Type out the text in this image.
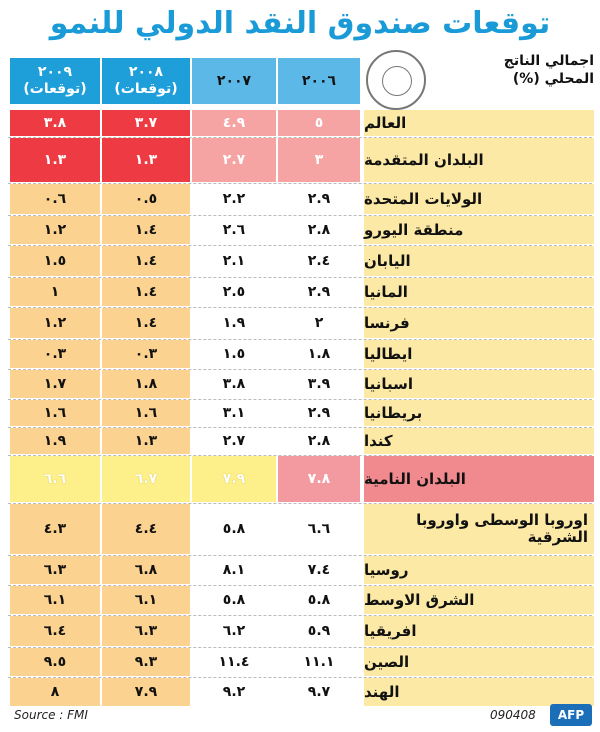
توقعات صندوق النقد الدولي للنمو
اجمالي الناتج المحلي (%)
٢٠٠٦
٢٠٠٧
٢٠٠٨ (توقعات)
٢٠٠٩ (توقعات)
العالم
٥
٤.٩
٣.٧
٣.٨
البلدان المتقدمة
٣
٢.٧
١.٣
١.٣
الولايات المتحدة
٢.٩
٢.٢
٠.٥
٠.٦
منطقة اليورو
٢.٨
٢.٦
١.٤
١.٢
اليابان
٢.٤
٢.١
١.٤
١.٥
المانيا
٢.٩
٢.٥
١.٤
١
فرنسا
٢
١.٩
١.٤
١.٢
ايطاليا
١.٨
١.٥
٠.٣
٠.٣
اسبانيا
٣.٩
٣.٨
١.٨
١.٧
بريطانيا
٢.٩
٣.١
١.٦
١.٦
كندا
٢.٨
٢.٧
١.٣
١.٩
البلدان النامية
٧.٨
٧.٩
٦.٧
٦.٦
اوروبا الوسطى واوروبا الشرقية
٦.٦
٥.٨
٤.٤
٤.٣
روسيا
٧.٤
٨.١
٦.٨
٦.٣
الشرق الاوسط
٥.٨
٥.٨
٦.١
٦.١
افريقيا
٥.٩
٦.٢
٦.٣
٦.٤
الصين
١١.١
١١.٤
٩.٣
٩.٥
الهند
٩.٧
٩.٢
٧.٩
٨
Source : FMI	090408	AFP
